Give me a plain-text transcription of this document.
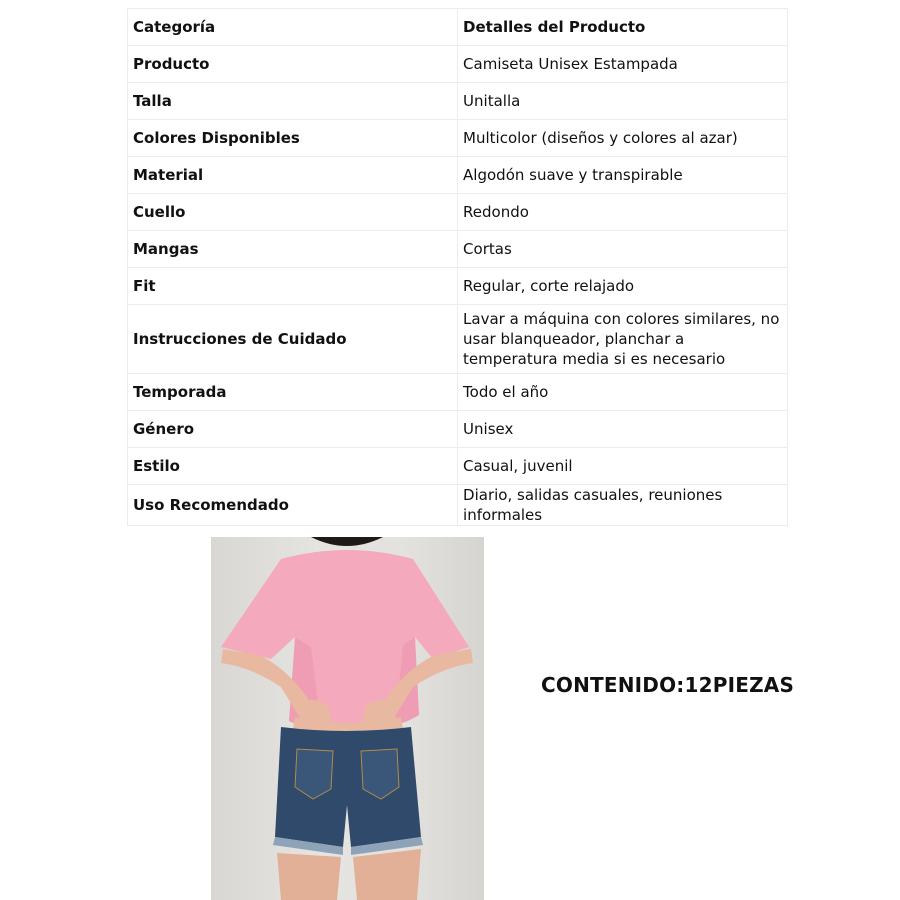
Categoría	Detalles del Producto
Producto	Camiseta Unisex Estampada
Talla	Unitalla
Colores Disponibles	Multicolor (diseños y colores al azar)
Material	Algodón suave y transpirable
Cuello	Redondo
Mangas	Cortas
Fit	Regular, corte relajado
Instrucciones de Cuidado	Lavar a máquina con colores similares, no usar blanqueador, planchar a temperatura media si es necesario
Temporada	Todo el año
Género	Unisex
Estilo	Casual, juvenil
Uso Recomendado	Diario, salidas casuales, reuniones informales
CONTENIDO:12PIEZAS
